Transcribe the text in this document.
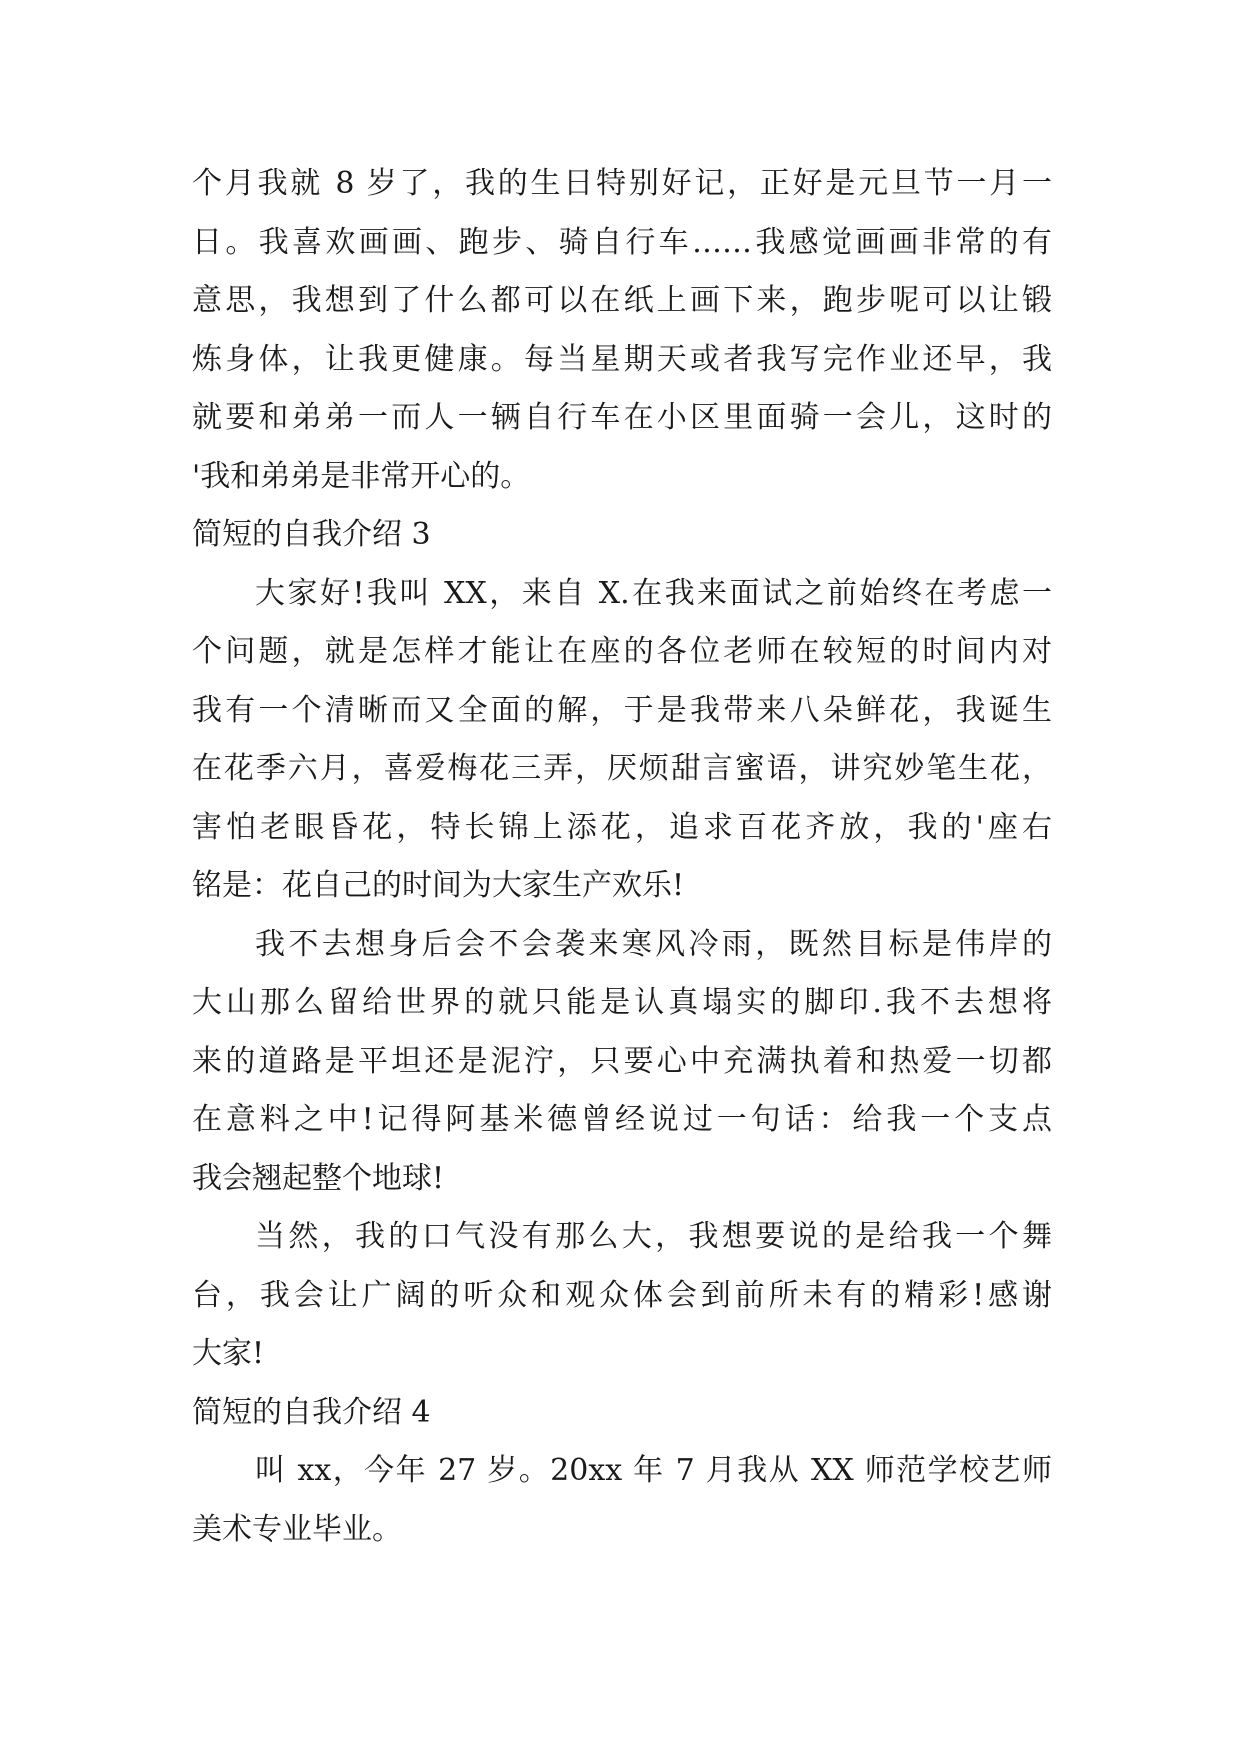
个月我就 8 岁了，我的生日特别好记，正好是元旦节一月一
日。我喜欢画画、跑步、骑自行车……我感觉画画非常的有
意思，我想到了什么都可以在纸上画下来，跑步呢可以让锻
炼身体，让我更健康。每当星期天或者我写完作业还早，我
就要和弟弟一而人一辆自行车在小区里面骑一会儿，这时的
'我和弟弟是非常开心的。
简短的自我介绍 3
大家好!我叫 XX，来自 X.在我来面试之前始终在考虑一
个问题，就是怎样才能让在座的各位老师在较短的时间内对
我有一个清晰而又全面的解，于是我带来八朵鲜花，我诞生
在花季六月，喜爱梅花三弄，厌烦甜言蜜语，讲究妙笔生花，
害怕老眼昏花，特长锦上添花，追求百花齐放，我的'座右
铭是：花自己的时间为大家生产欢乐!
我不去想身后会不会袭来寒风冷雨，既然目标是伟岸的
大山那么留给世界的就只能是认真塌实的脚印.我不去想将
来的道路是平坦还是泥泞，只要心中充满执着和热爱一切都
在意料之中!记得阿基米德曾经说过一句话：给我一个支点
我会翘起整个地球!
当然，我的口气没有那么大，我想要说的是给我一个舞
台，我会让广阔的听众和观众体会到前所未有的精彩!感谢
大家!
简短的自我介绍 4
叫 xx，今年 27 岁。20xx 年 7 月我从 XX 师范学校艺师
美术专业毕业。
